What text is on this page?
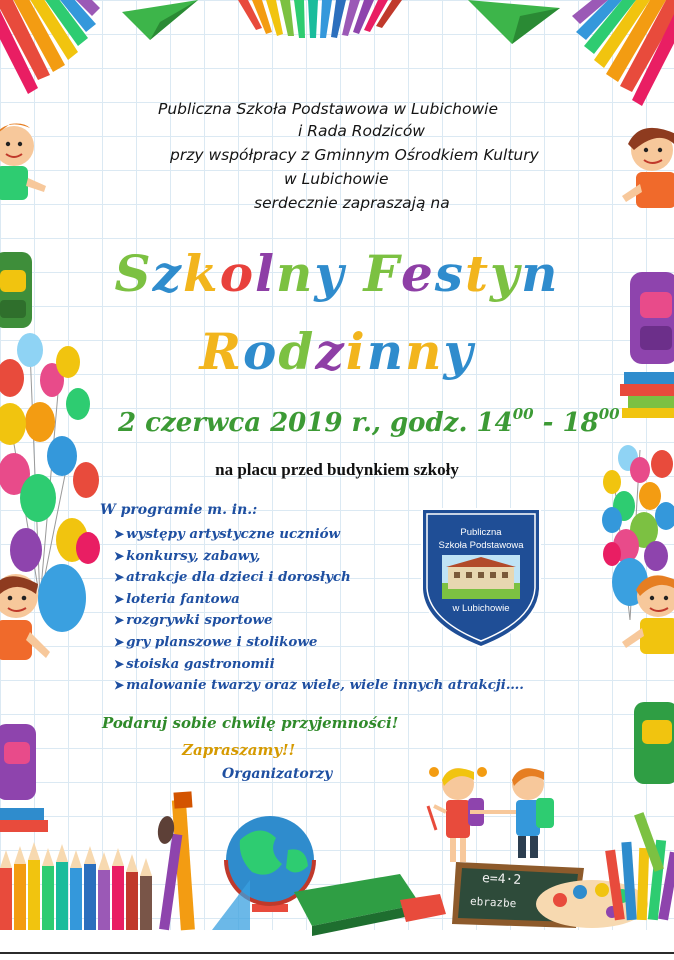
e=4·2
ebrazbe
Publiczna Szkoła Podstawowa w Lubichowie
i Rada Rodziców
przy współpracy z Gminnym Ośrodkiem Kultury
w Lubichowie
serdecznie zapraszają na
Szkolny Festyn
Rodzinny
2 czerwca 2019 r., godz. $14^{00} - 18^{00}$
na placu przed budynkiem szkoły
W programie m. in.:
➤ występy artystyczne uczniów
➤ konkursy, zabawy,
➤ atrakcje dla dzieci i dorosłych
➤ loteria fantowa
➤ rozgrywki sportowe
➤ gry planszowe i stolikowe
➤ stoiska gastronomii
➤ malowanie twarzy oraz wiele, wiele innych atrakcji….
Publiczna
Szkoła Podstawowa
w Lubichowie
Podaruj sobie chwilę przyjemności!
Zapraszamy!!
Organizatorzy
